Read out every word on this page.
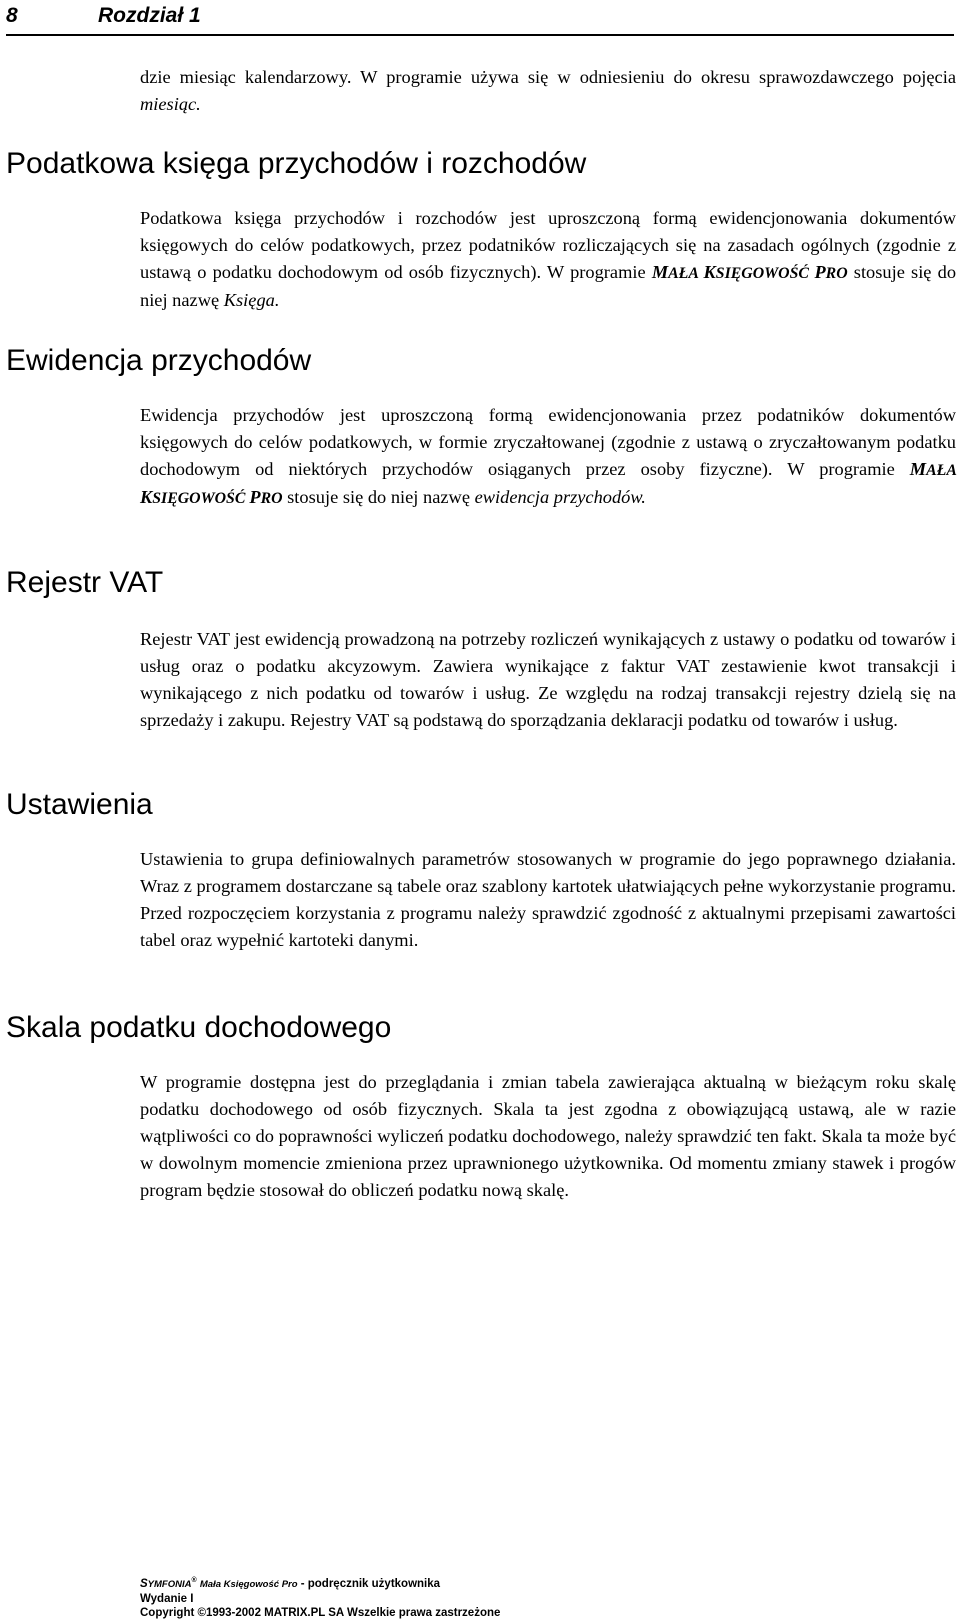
8	Rozdział 1

dzie miesiąc kalendarzowy. W programie używa się w odniesieniu do okresu sprawozdawczego pojęcia miesiąc.

Podatkowa księga przychodów i rozchodów

Podatkowa księga przychodów i rozchodów jest uproszczoną formą ewidencjonowania dokumentów księgowych do celów podatkowych, przez podatników rozliczających się na zasadach ogólnych (zgodnie z ustawą o podatku dochodowym od osób fizycznych). W programie MAŁA KSIĘGOWOŚĆ PRO stosuje się do niej nazwę Księga.

Ewidencja przychodów

Ewidencja przychodów jest uproszczoną formą ewidencjonowania przez podatników dokumentów księgowych do celów podatkowych, w formie zryczałtowanej (zgodnie z ustawą o zryczałtowanym podatku dochodowym od niektórych przychodów osiąganych przez osoby fizyczne). W programie MAŁA KSIĘGOWOŚĆ PRO stosuje się do niej nazwę ewidencja przychodów.

Rejestr VAT

Rejestr VAT jest ewidencją prowadzoną na potrzeby rozliczeń wynikających z ustawy o podatku od towarów i usług oraz o podatku akcyzowym. Zawiera wynikające z faktur VAT zestawienie kwot transakcji i wynikającego z nich podatku od towarów i usług. Ze względu na rodzaj transakcji rejestry dzielą się na sprzedaży i zakupu. Rejestry VAT są podstawą do sporządzania deklaracji podatku od towarów i usług.

Ustawienia

Ustawienia to grupa definiowalnych parametrów stosowanych w programie do jego poprawnego działania. Wraz z programem dostarczane są tabele oraz szablony kartotek ułatwiających pełne wykorzystanie programu. Przed rozpoczęciem korzystania z programu należy sprawdzić zgodność z aktualnymi przepisami zawartości tabel oraz wypełnić kartoteki danymi.

Skala podatku dochodowego

W programie dostępna jest do przeglądania i zmian tabela zawierająca aktualną w bieżącym roku skalę podatku dochodowego od osób fizycznych. Skala ta jest zgodna z obowiązującą ustawą, ale w razie wątpliwości co do poprawności wyliczeń podatku dochodowego, należy sprawdzić ten fakt. Skala ta może być w dowolnym momencie zmieniona przez uprawnionego użytkownika. Od momentu zmiany stawek i progów program będzie stosował do obliczeń podatku nową skalę.

SYMFONIA® Mała Księgowość Pro - podręcznik użytkownika
Wydanie I
Copyright ©1993-2002 MATRIX.PL SA Wszelkie prawa zastrzeżone
